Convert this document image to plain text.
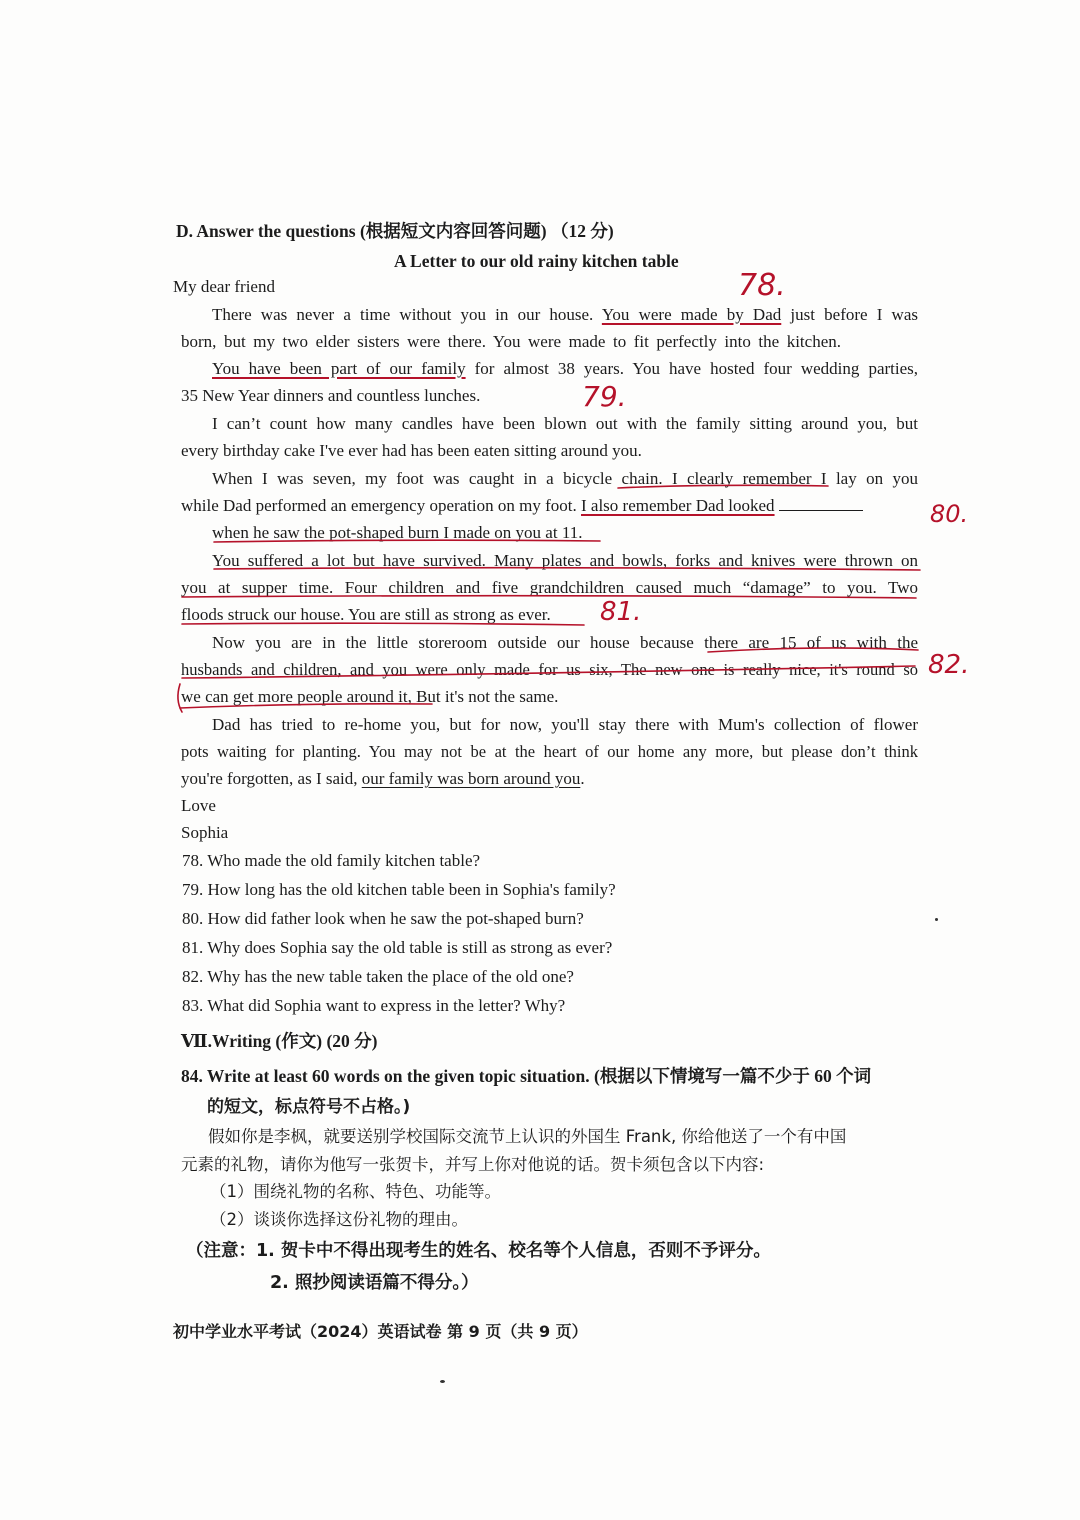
D. Answer the questions (根据短文内容回答问题) （12 分)
A Letter to our old rainy kitchen table
My dear friend
There was never a time without you in our house. You were made by Dad just before I was
born, but my two elder sisters were there. You were made to fit perfectly into the kitchen.
You have been part of our family for almost 38 years. You have hosted four wedding parties,
35 New Year dinners and countless lunches.
I can’t count how many candles have been blown out with the family sitting around you, but
every birthday cake I've ever had has been eaten sitting around you.
When I was seven, my foot was caught in a bicycle chain. I clearly remember I lay on you
while Dad performed an emergency operation on my foot. I also remember Dad looked
when he saw the pot-shaped burn I made on you at 11.
You suffered a lot but have survived. Many plates and bowls, forks and knives were thrown on
you at supper time. Four children and five grandchildren caused much “damage” to you. Two
floods struck our house. You are still as strong as ever.
Now you are in the little storeroom outside our house because there are 15 of us with the
husbands and children, and you were only made for us six, The new one is really nice, it's round so
we can get more people around it, But it's not the same.
Dad has tried to re-home you, but for now, you'll stay there with Mum's collection of flower
pots waiting for planting. You may not be at the heart of our home any more, but please don’t think
you're forgotten, as I said, our family was born around you.
Love
Sophia
78. Who made the old family kitchen table?
79. How long has the old kitchen table been in Sophia's family?
80. How did father look when he saw the pot-shaped burn?
81. Why does Sophia say the old table is still as strong as ever?
82. Why has the new table taken the place of the old one?
83. What did Sophia want to express in the letter? Why?
Ⅶ.Writing (作文) (20 分)
84. Write at least 60 words on the given topic situation. (根据以下情境写一篇不少于 60 个词
的短文，标点符号不占格。)
假如你是李枫，就要送别学校国际交流节上认识的外国生 Frank, 你给他送了一个有中国
元素的礼物，请你为他写一张贺卡，并写上你对他说的话。贺卡须包含以下内容:
（1）围绕礼物的名称、特色、功能等。
（2）谈谈你选择这份礼物的理由。
（注意：1. 贺卡中不得出现考生的姓名、校名等个人信息，否则不予评分。
2. 照抄阅读语篇不得分。）
初中学业水平考试（2024）英语试卷 第 9 页（共 9 页）
78.
79.
80.
81.
82.
